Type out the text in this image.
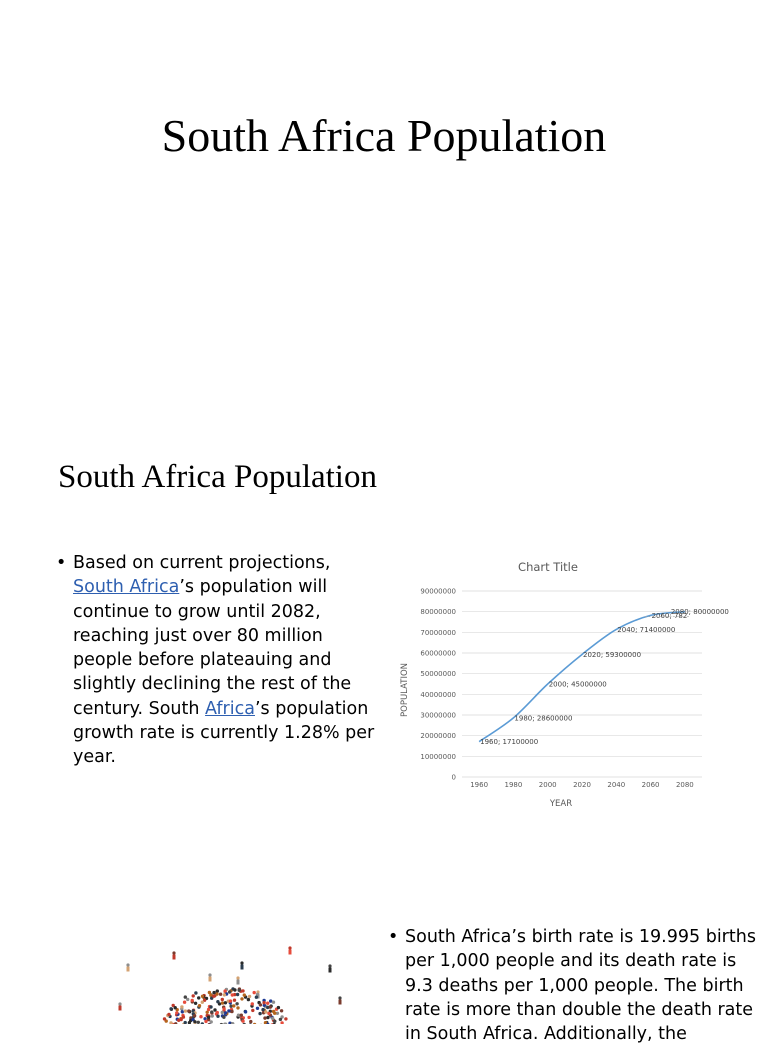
South Africa Population
South Africa Population
• Based on current projections, South Africa’s population will continue to grow until 2082, reaching just over 80 million people before plateauing and slightly declining the rest of the century. South Africa’s population growth rate is currently 1.28% per year.
Chart Title
0
10000000
20000000
30000000
40000000
50000000
60000000
70000000
80000000
90000000
1960 1980 2000 2020 2040 2060 2080
1960; 17100000
1980; 28600000
2000; 45000000
2020; 59300000
2040; 71400000
2060; 782
2080; 80000000
POPULATION
YEAR
• South Africa’s birth rate is 19.995 births per 1,000 people and its death rate is 9.3 deaths per 1,000 people. The birth rate is more than double the death rate in South Africa. Additionally, the
